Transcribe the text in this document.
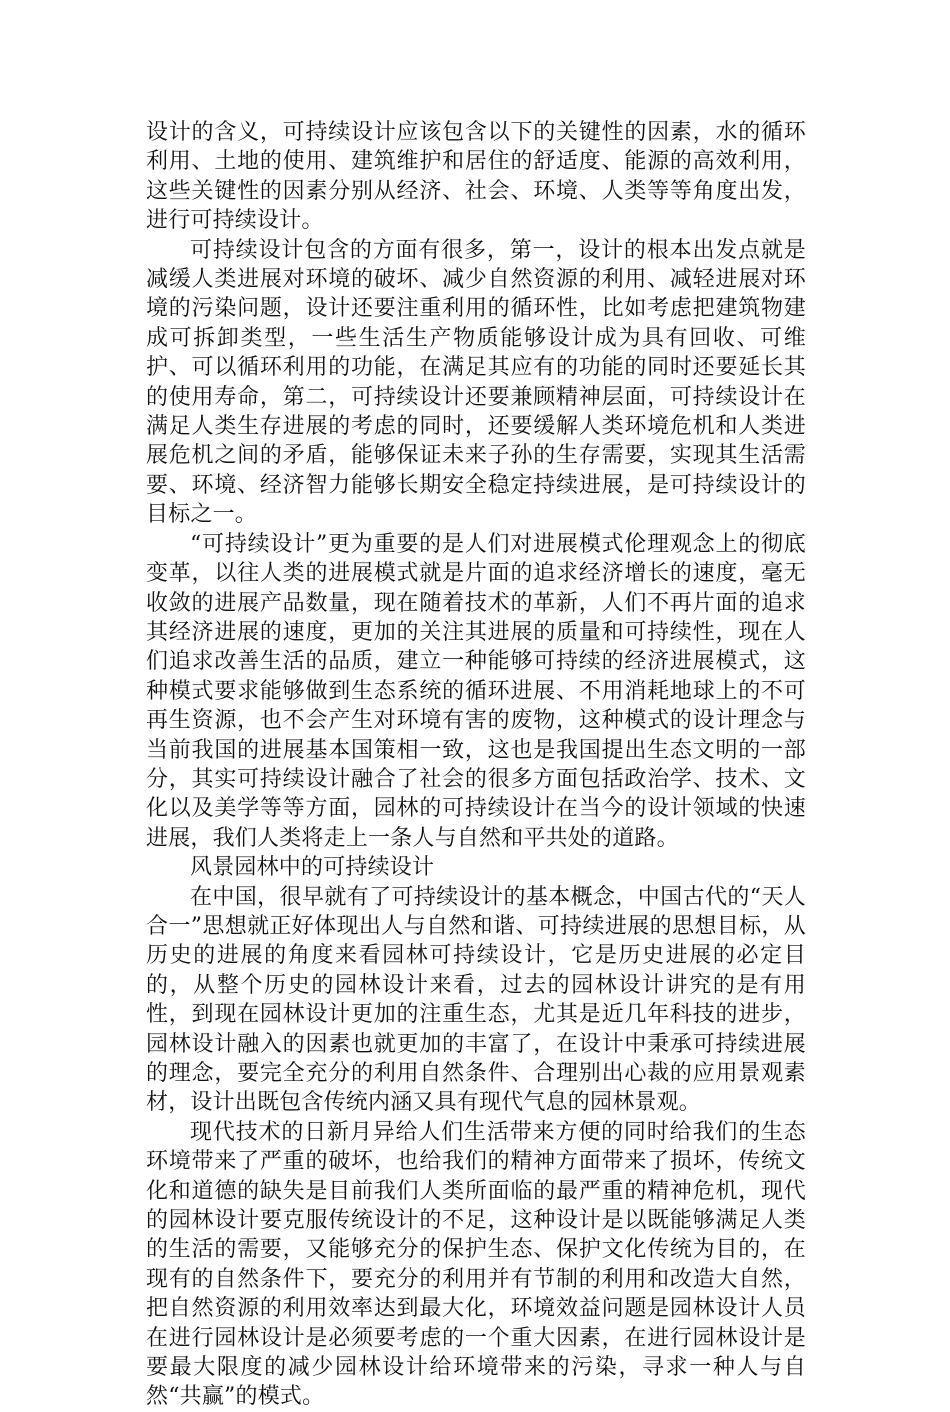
设计的含义，可持续设计应该包含以下的关键性的因素，水的循环利用、土地的使用、建筑维护和居住的舒适度、能源的高效利用，这些关键性的因素分别从经济、社会、环境、人类等等角度出发，进行可持续设计。

可持续设计包含的方面有很多，第一，设计的根本出发点就是减缓人类进展对环境的破坏、减少自然资源的利用、减轻进展对环境的污染问题，设计还要注重利用的循环性，比如考虑把建筑物建成可拆卸类型，一些生活生产物质能够设计成为具有回收、可维护、可以循环利用的功能，在满足其应有的功能的同时还要延长其的使用寿命，第二，可持续设计还要兼顾精神层面，可持续设计在满足人类生存进展的考虑的同时，还要缓解人类环境危机和人类进展危机之间的矛盾，能够保证未来子孙的生存需要，实现其生活需要、环境、经济智力能够长期安全稳定持续进展，是可持续设计的目标之一。

“可持续设计”更为重要的是人们对进展模式伦理观念上的彻底变革，以往人类的进展模式就是片面的追求经济增长的速度，毫无收敛的进展产品数量，现在随着技术的革新，人们不再片面的追求其经济进展的速度，更加的关注其进展的质量和可持续性，现在人们追求改善生活的品质，建立一种能够可持续的经济进展模式，这种模式要求能够做到生态系统的循环进展、不用消耗地球上的不可再生资源，也不会产生对环境有害的废物，这种模式的设计理念与当前我国的进展基本国策相一致，这也是我国提出生态文明的一部分，其实可持续设计融合了社会的很多方面包括政治学、技术、文化以及美学等等方面，园林的可持续设计在当今的设计领域的快速进展，我们人类将走上一条人与自然和平共处的道路。

风景园林中的可持续设计

在中国，很早就有了可持续设计的基本概念，中国古代的“天人合一”思想就正好体现出人与自然和谐、可持续进展的思想目标，从历史的进展的角度来看园林可持续设计，它是历史进展的必定目的，从整个历史的园林设计来看，过去的园林设计讲究的是有用性，到现在园林设计更加的注重生态，尤其是近几年科技的进步，园林设计融入的因素也就更加的丰富了，在设计中秉承可持续进展的理念，要完全充分的利用自然条件、合理别出心裁的应用景观素材，设计出既包含传统内涵又具有现代气息的园林景观。

现代技术的日新月异给人们生活带来方便的同时给我们的生态环境带来了严重的破坏，也给我们的精神方面带来了损坏，传统文化和道德的缺失是目前我们人类所面临的最严重的精神危机，现代的园林设计要克服传统设计的不足，这种设计是以既能够满足人类的生活的需要，又能够充分的保护生态、保护文化传统为目的，在现有的自然条件下，要充分的利用并有节制的利用和改造大自然，把自然资源的利用效率达到最大化，环境效益问题是园林设计人员在进行园林设计是必须要考虑的一个重大因素，在进行园林设计是要最大限度的减少园林设计给环境带来的污染，寻求一种人与自然“共赢”的模式。
